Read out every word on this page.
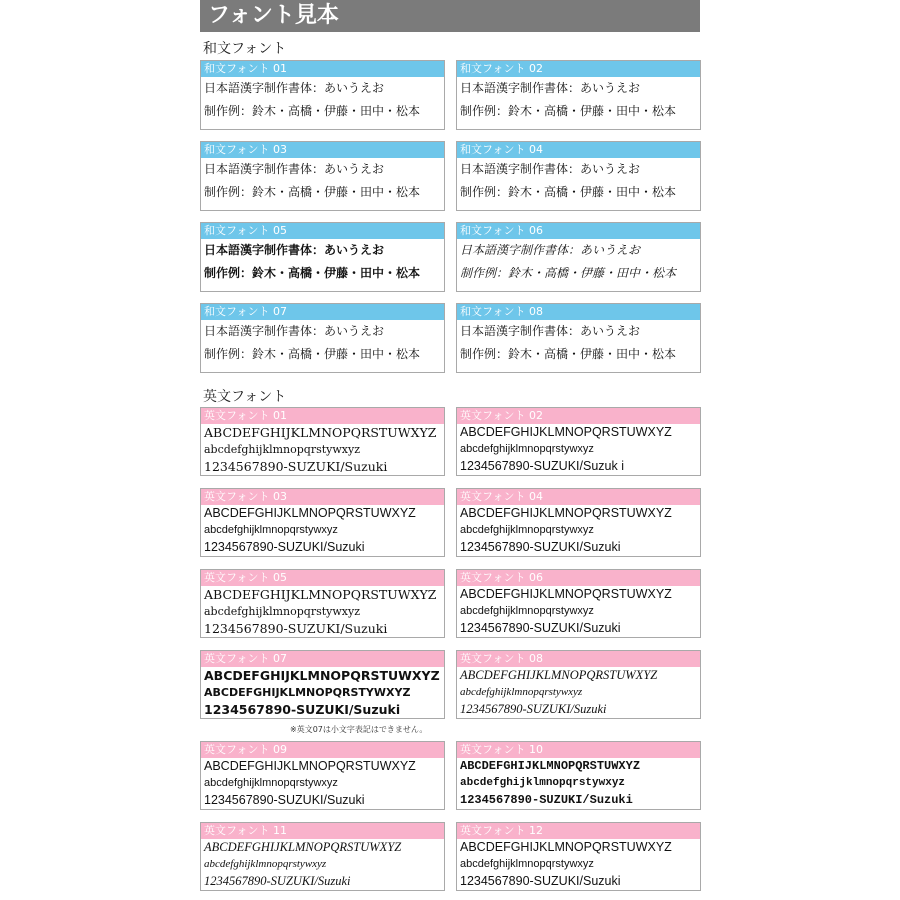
フォント見本
和文フォント
和文フォント 01
日本語漢字制作書体：あいうえお
制作例：鈴木・高橋・伊藤・田中・松本
和文フォント 02
日本語漢字制作書体：あいうえお
制作例：鈴木・高橋・伊藤・田中・松本
和文フォント 03
日本語漢字制作書体：あいうえお
制作例：鈴木・高橋・伊藤・田中・松本
和文フォント 04
日本語漢字制作書体：あいうえお
制作例：鈴木・高橋・伊藤・田中・松本
和文フォント 05
日本語漢字制作書体：あいうえお
制作例：鈴木・高橋・伊藤・田中・松本
和文フォント 06
日本語漢字制作書体：あいうえお
制作例：鈴木・高橋・伊藤・田中・松本
和文フォント 07
日本語漢字制作書体：あいうえお
制作例：鈴木・高橋・伊藤・田中・松本
和文フォント 08
日本語漢字制作書体：あいうえお
制作例：鈴木・高橋・伊藤・田中・松本
英文フォント
英文フォント 01
ABCDEFGHIJKLMNOPQRSTUWXYZ
abcdefghijklmnopqrstywxyz
1234567890-SUZUKI/Suzuki
英文フォント 02
ABCDEFGHIJKLMNOPQRSTUWXYZ
abcdefghijklmnopqrstywxyz
1234567890-SUZUKI/Suzuk i
英文フォント 03
ABCDEFGHIJKLMNOPQRSTUWXYZ
abcdefghijklmnopqrstywxyz
1234567890-SUZUKI/Suzuki
英文フォント 04
ABCDEFGHIJKLMNOPQRSTUWXYZ
abcdefghijklmnopqrstywxyz
1234567890-SUZUKI/Suzuki
英文フォント 05
ABCDEFGHIJKLMNOPQRSTUWXYZ
abcdefghijklmnopqrstywxyz
1234567890-SUZUKI/Suzuki
英文フォント 06
ABCDEFGHIJKLMNOPQRSTUWXYZ
abcdefghijklmnopqrstywxyz
1234567890-SUZUKI/Suzuki
英文フォント 07
ABCDEFGHIJKLMNOPQRSTUWXYZ
ABCDEFGHIJKLMNOPQRSTYWXYZ
1234567890-SUZUKI/Suzuki
英文フォント 08
ABCDEFGHIJKLMNOPQRSTUWXYZ
abcdefghijklmnopqrstywxyz
1234567890-SUZUKI/Suzuki
英文フォント 09
ABCDEFGHIJKLMNOPQRSTUWXYZ
abcdefghijklmnopqrstywxyz
1234567890-SUZUKI/Suzuki
英文フォント 10
ABCDEFGHIJKLMNOPQRSTUWXYZ
abcdefghijklmnopqrstywxyz
1234567890-SUZUKI/Suzuki
英文フォント 11
ABCDEFGHIJKLMNOPQRSTUWXYZ
abcdefghijklmnopqrstywxyz
1234567890-SUZUKI/Suzuki
英文フォント 12
ABCDEFGHIJKLMNOPQRSTUWXYZ
abcdefghijklmnopqrstywxyz
1234567890-SUZUKI/Suzuki
※英文07は小文字表記はできません。
